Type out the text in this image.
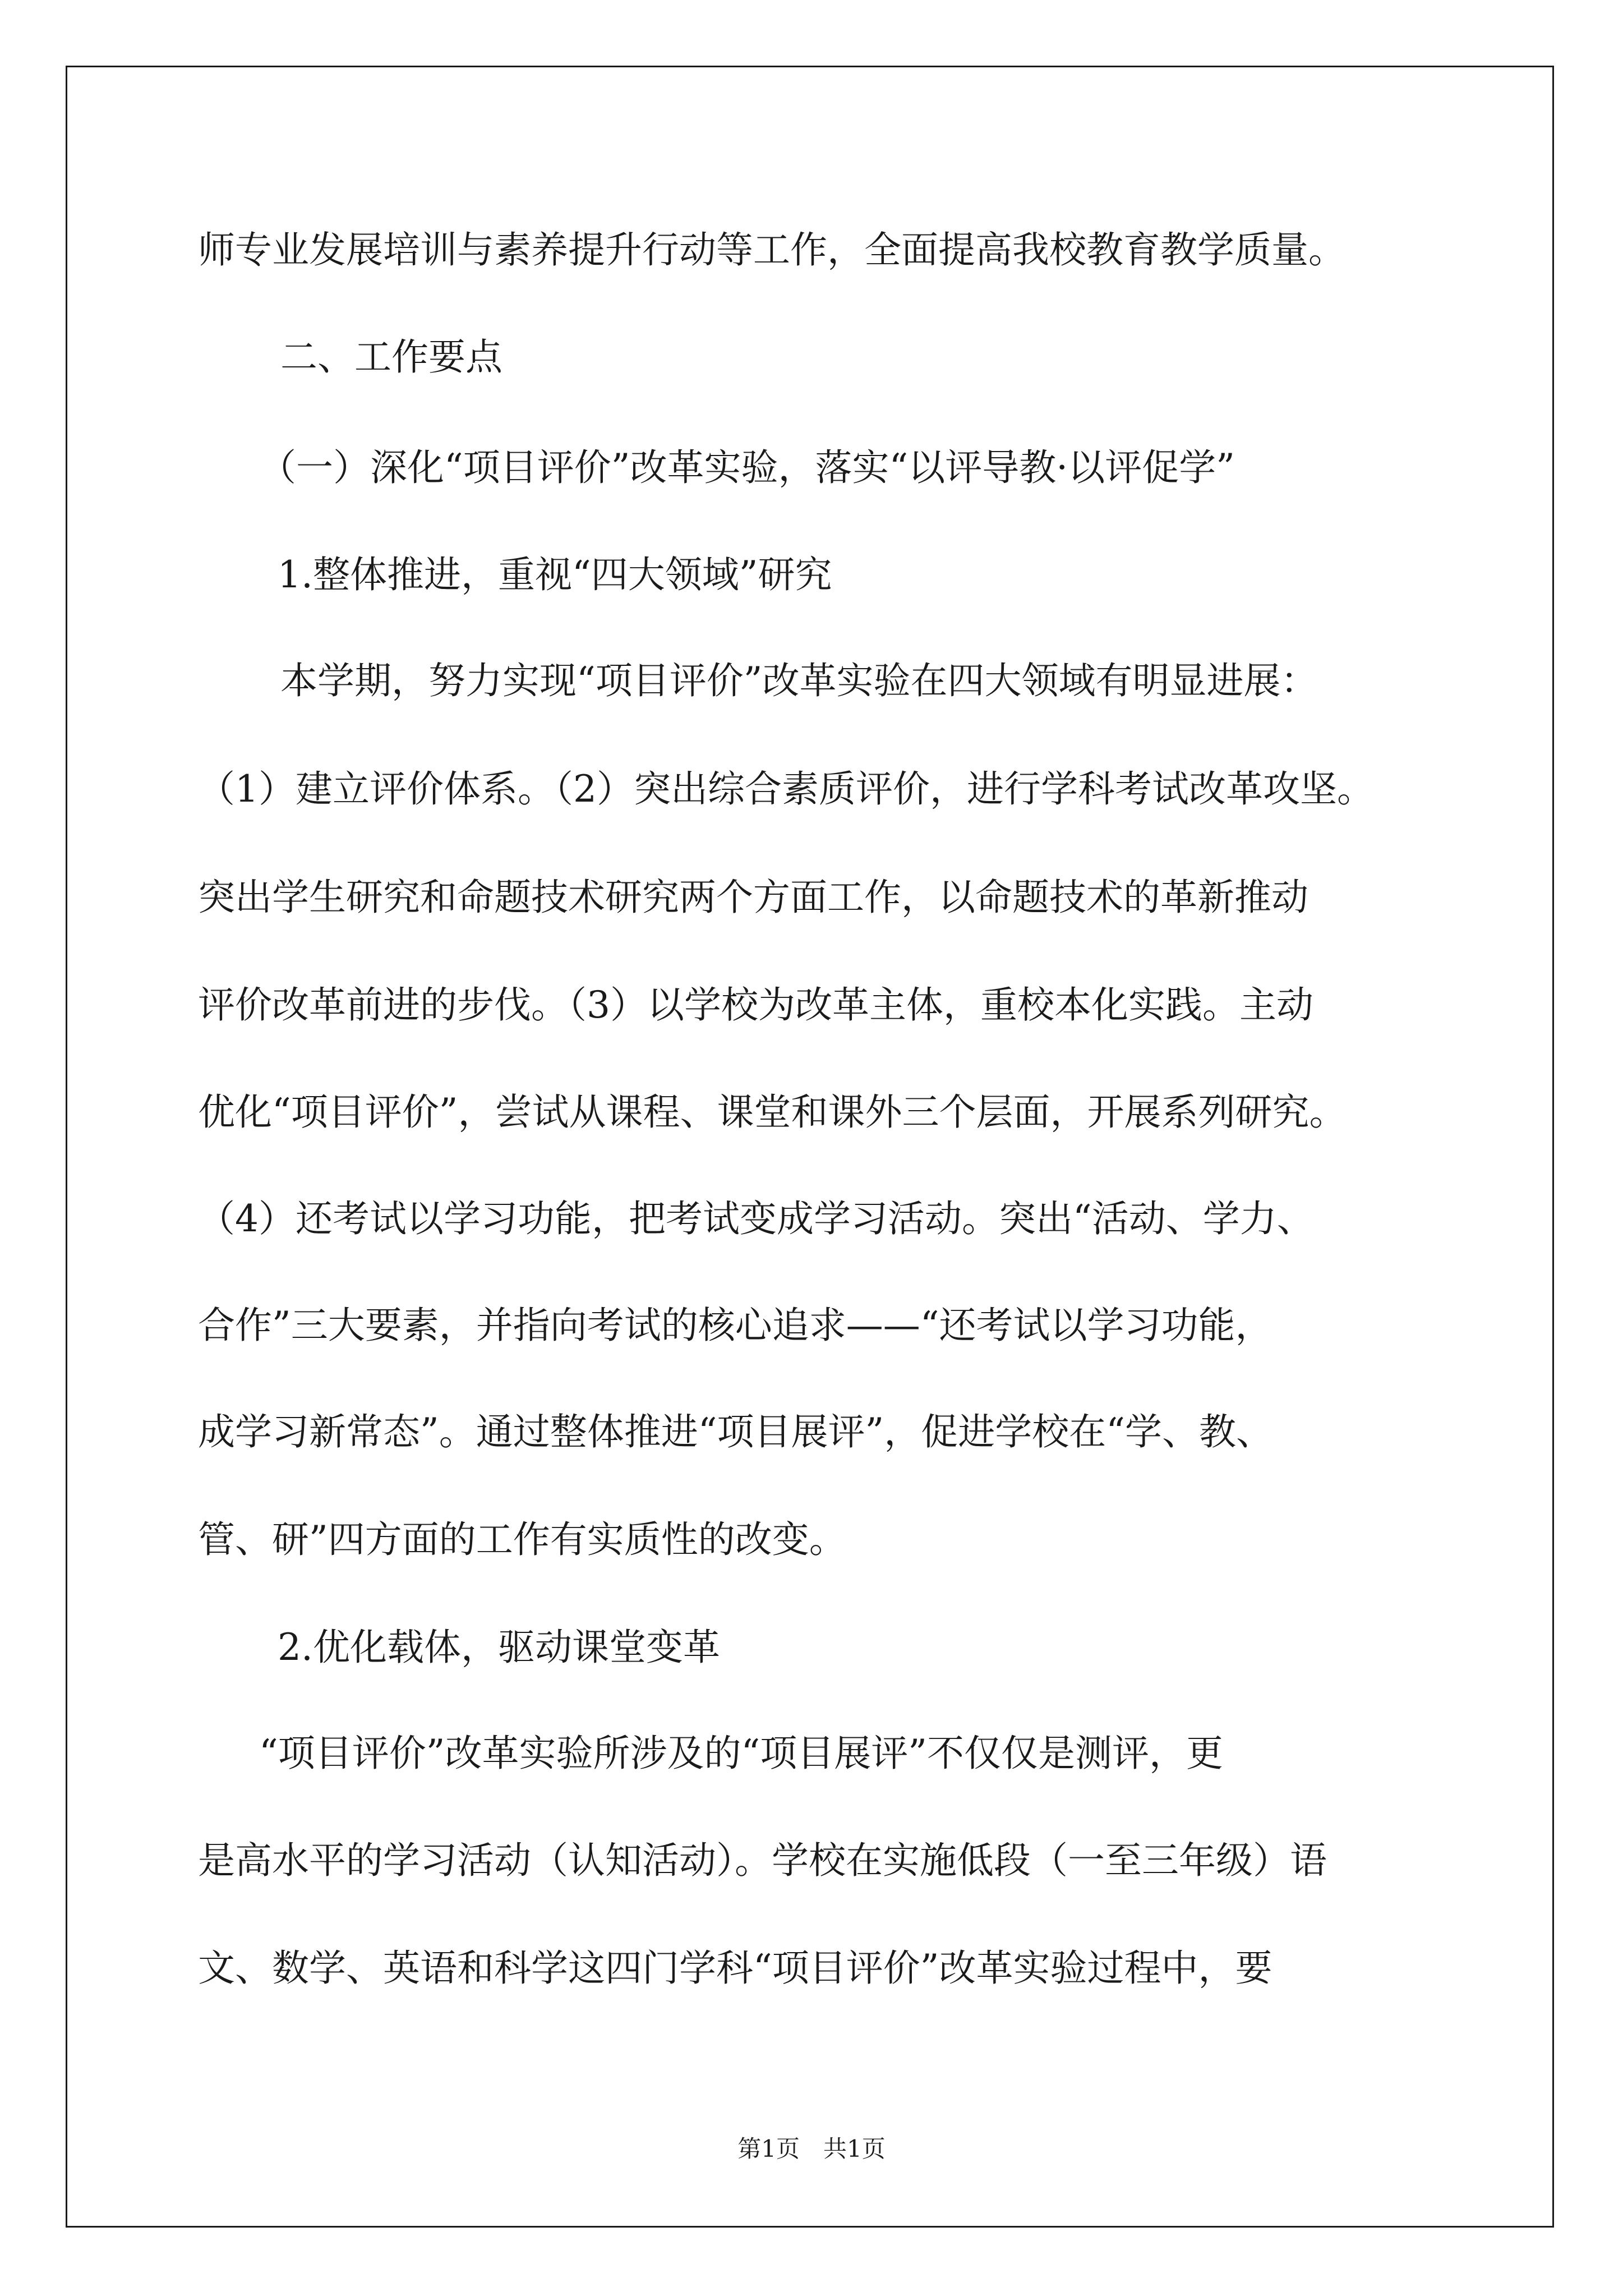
师专业发展培训与素养提升行动等工作，全面提高我校教育教学质量。
二、工作要点
（一）深化“项目评价”改革实验，落实“以评导教·以评促学”
1.整体推进，重视“四大领域”研究
本学期，努力实现“项目评价”改革实验在四大领域有明显进展：
（1）建立评价体系。（2）突出综合素质评价，进行学科考试改革攻坚。
突出学生研究和命题技术研究两个方面工作，以命题技术的革新推动
评价改革前进的步伐。（3）以学校为改革主体，重校本化实践。主动
优化“项目评价”，尝试从课程、课堂和课外三个层面，开展系列研究。
（4）还考试以学习功能，把考试变成学习活动。突出“活动、学力、
合作”三大要素，并指向考试的核心追求——“还考试以学习功能，
成学习新常态”。通过整体推进“项目展评”，促进学校在“学、教、
管、研”四方面的工作有实质性的改变。
2.优化载体，驱动课堂变革
“项目评价”改革实验所涉及的“项目展评”不仅仅是测评，更
是高水平的学习活动（认知活动）。学校在实施低段（一至三年级）语
文、数学、英语和科学这四门学科“项目评价”改革实验过程中，要
第1页　共1页
